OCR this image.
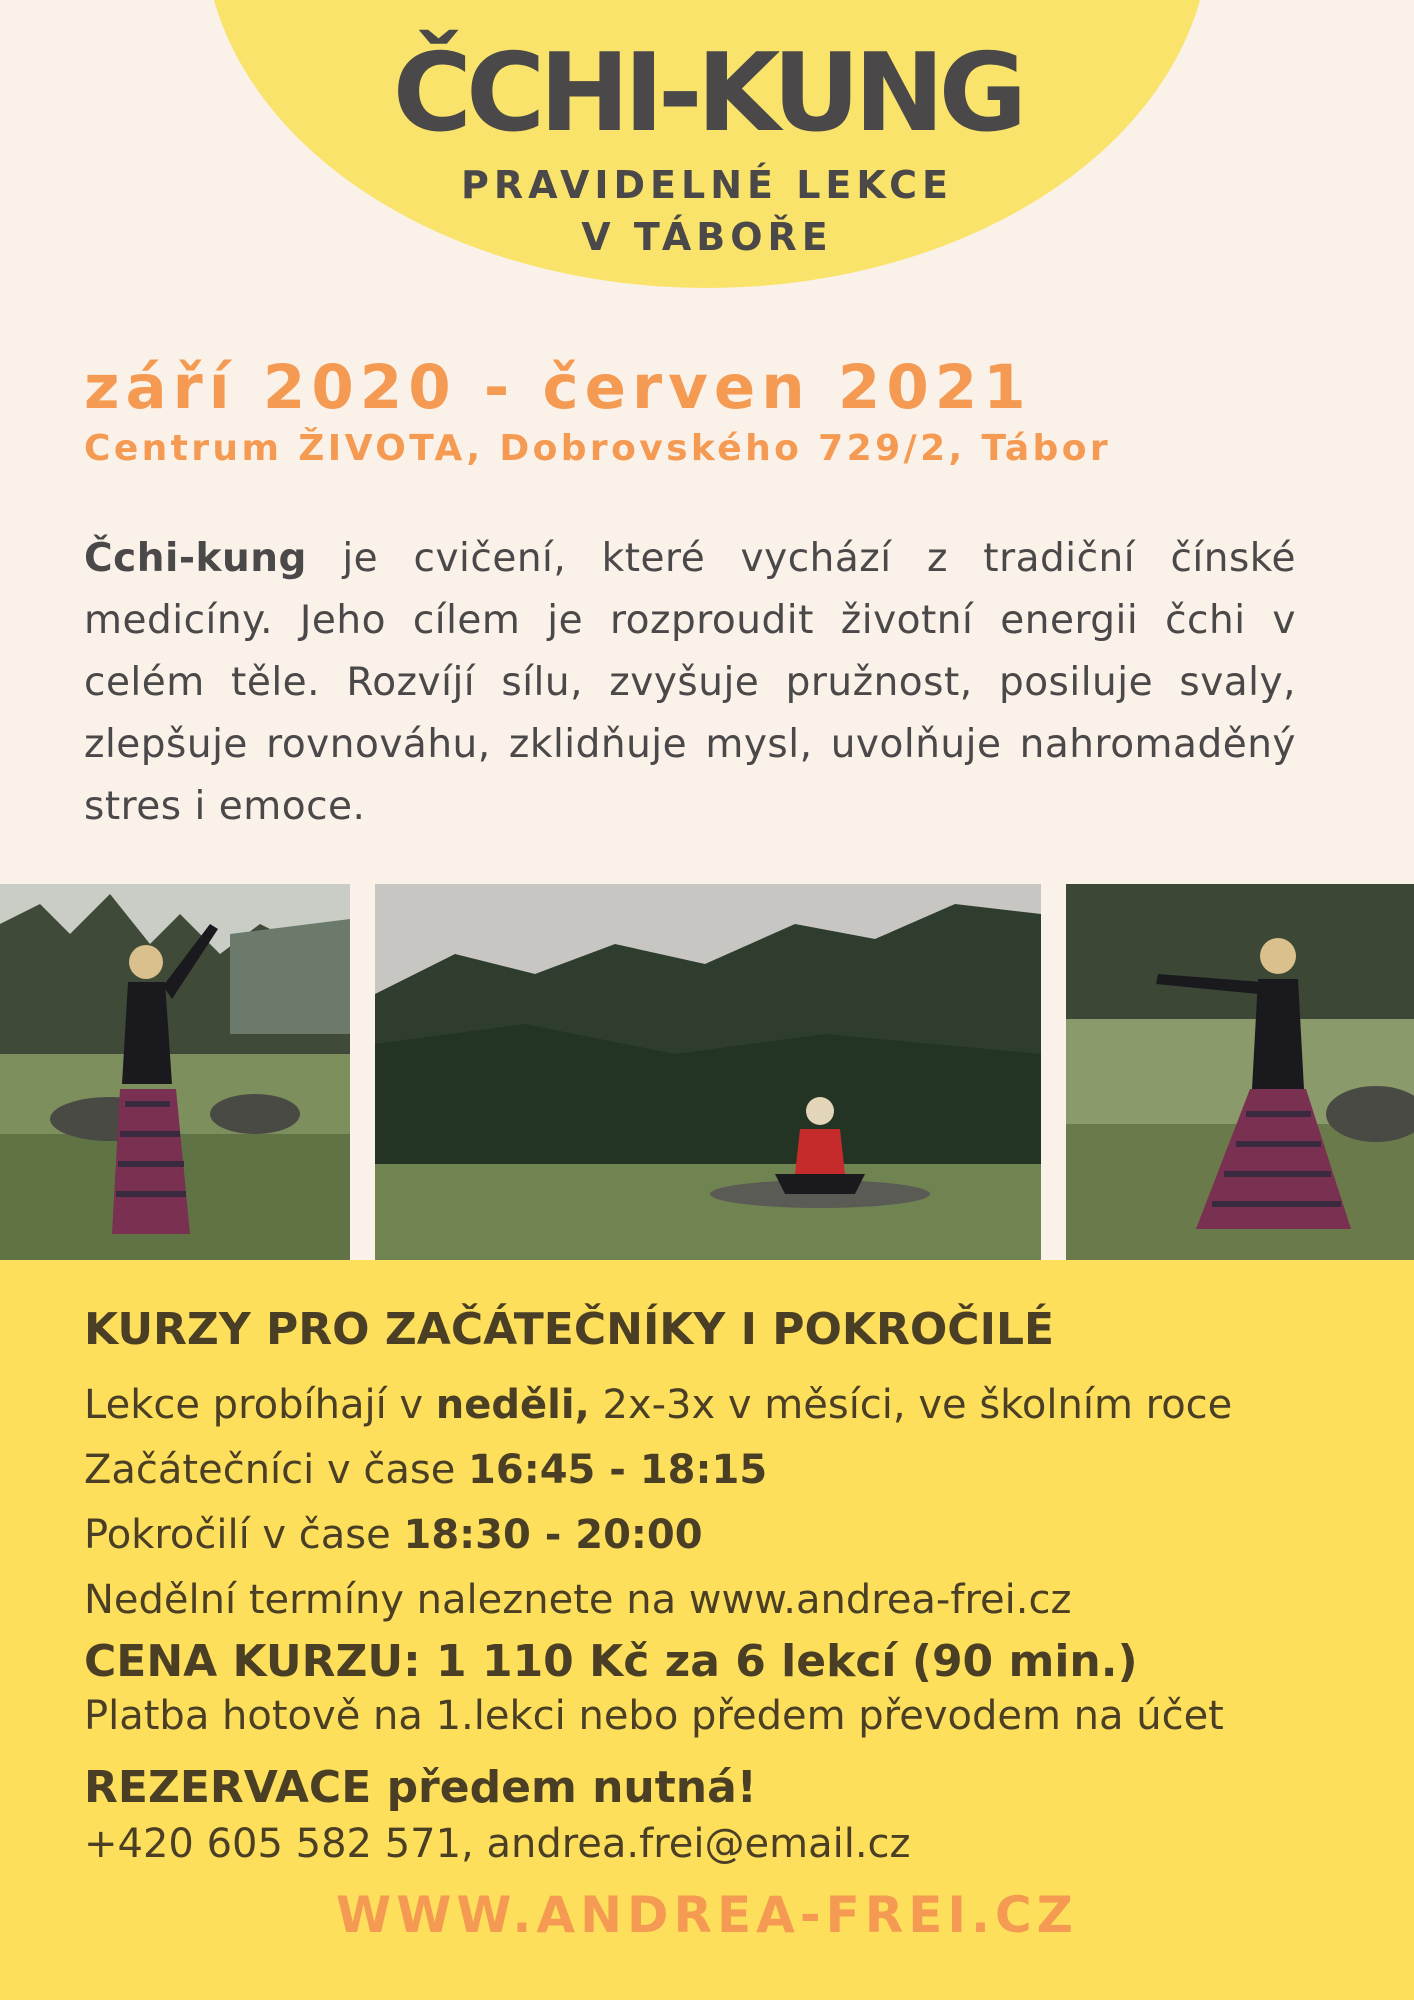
ČCHI-KUNG
PRAVIDELNÉ LEKCE
V TÁBOŘE
září 2020 - červen 2021
Centrum ŽIVOTA, Dobrovského 729/2, Tábor
Čchi-kung je cvičení, které vychází z tradiční čínské medicíny. Jeho cílem je rozproudit životní energii čchi v celém těle. Rozvíjí sílu, zvyšuje pružnost, posiluje svaly, zlepšuje rovnováhu, zklidňuje mysl, uvolňuje nahromaděný stres i emoce.
KURZY PRO ZAČÁTEČNÍKY I POKROČILÉ
Lekce probíhají v neděli, 2x-3x v měsíci, ve školním roce
Začátečníci v čase 16:45 - 18:15
Pokročilí v čase 18:30 - 20:00
Nedělní termíny naleznete na www.andrea-frei.cz
CENA KURZU: 1 110 Kč za 6 lekcí (90 min.)
Platba hotově na 1.lekci nebo předem převodem na účet
REZERVACE předem nutná!
+420 605 582 571, andrea.frei@email.cz
WWW.ANDREA-FREI.CZ
